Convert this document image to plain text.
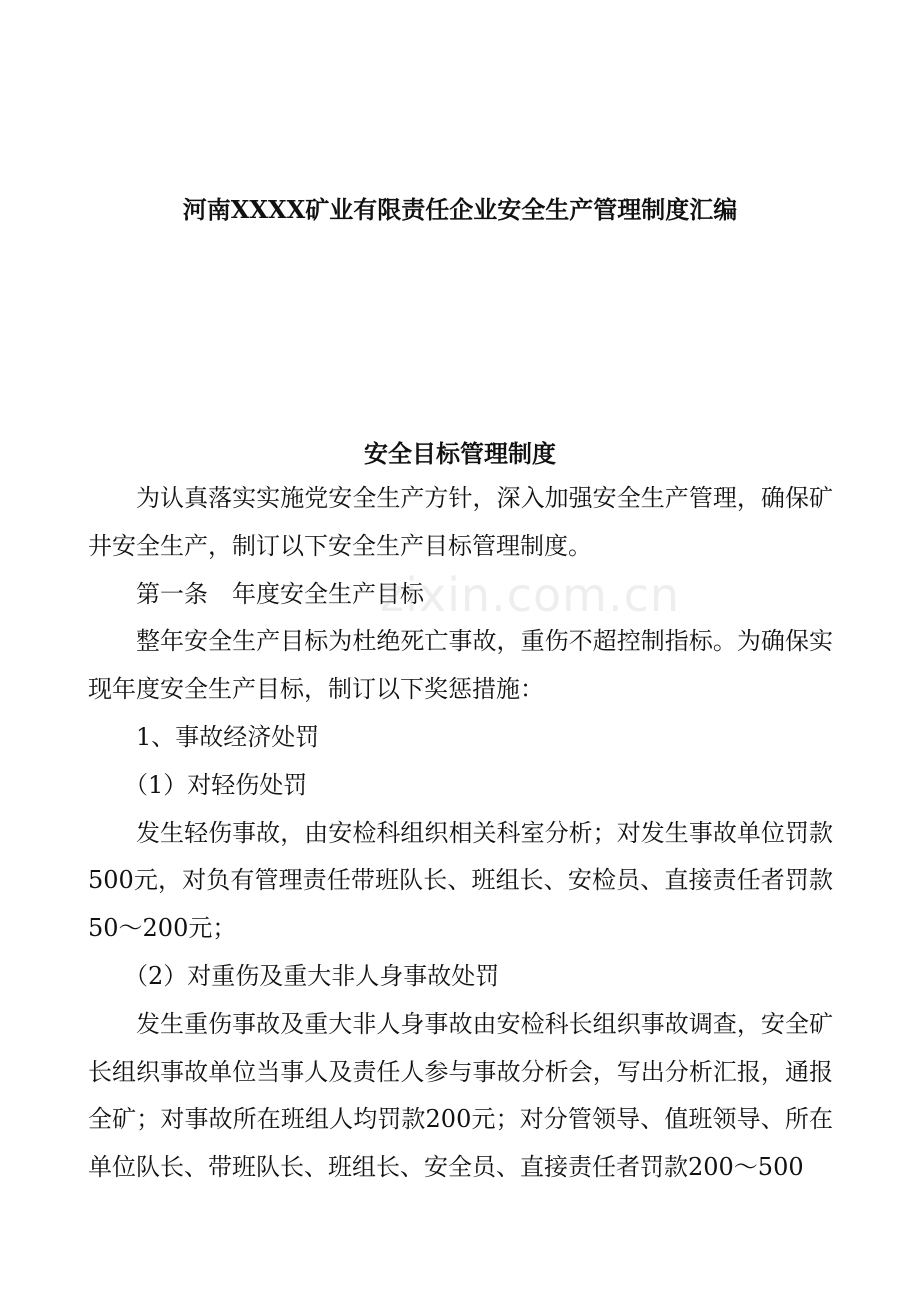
河南XXXX矿业有限责任企业安全生产管理制度汇编
安全目标管理制度

为认真落实实施党安全生产方针，深入加强安全生产管理，确保矿井安全生产，制订以下安全生产目标管理制度。

第一条　年度安全生产目标

整年安全生产目标为杜绝死亡事故，重伤不超控制指标。为确保实现年度安全生产目标，制订以下奖惩措施：

1、事故经济处罚

（1）对轻伤处罚

发生轻伤事故，由安检科组织相关科室分析；对发生事故单位罚款500元，对负有管理责任带班队长、班组长、安检员、直接责任者罚款50～200元；

（2）对重伤及重大非人身事故处罚

发生重伤事故及重大非人身事故由安检科长组织事故调查，安全矿长组织事故单位当事人及责任人参与事故分析会，写出分析汇报，通报全矿；对事故所在班组人均罚款200元；对分管领导、值班领导、所在单位队长、带班队长、班组长、安全员、直接责任者罚款200～500

zixin.com.cn
